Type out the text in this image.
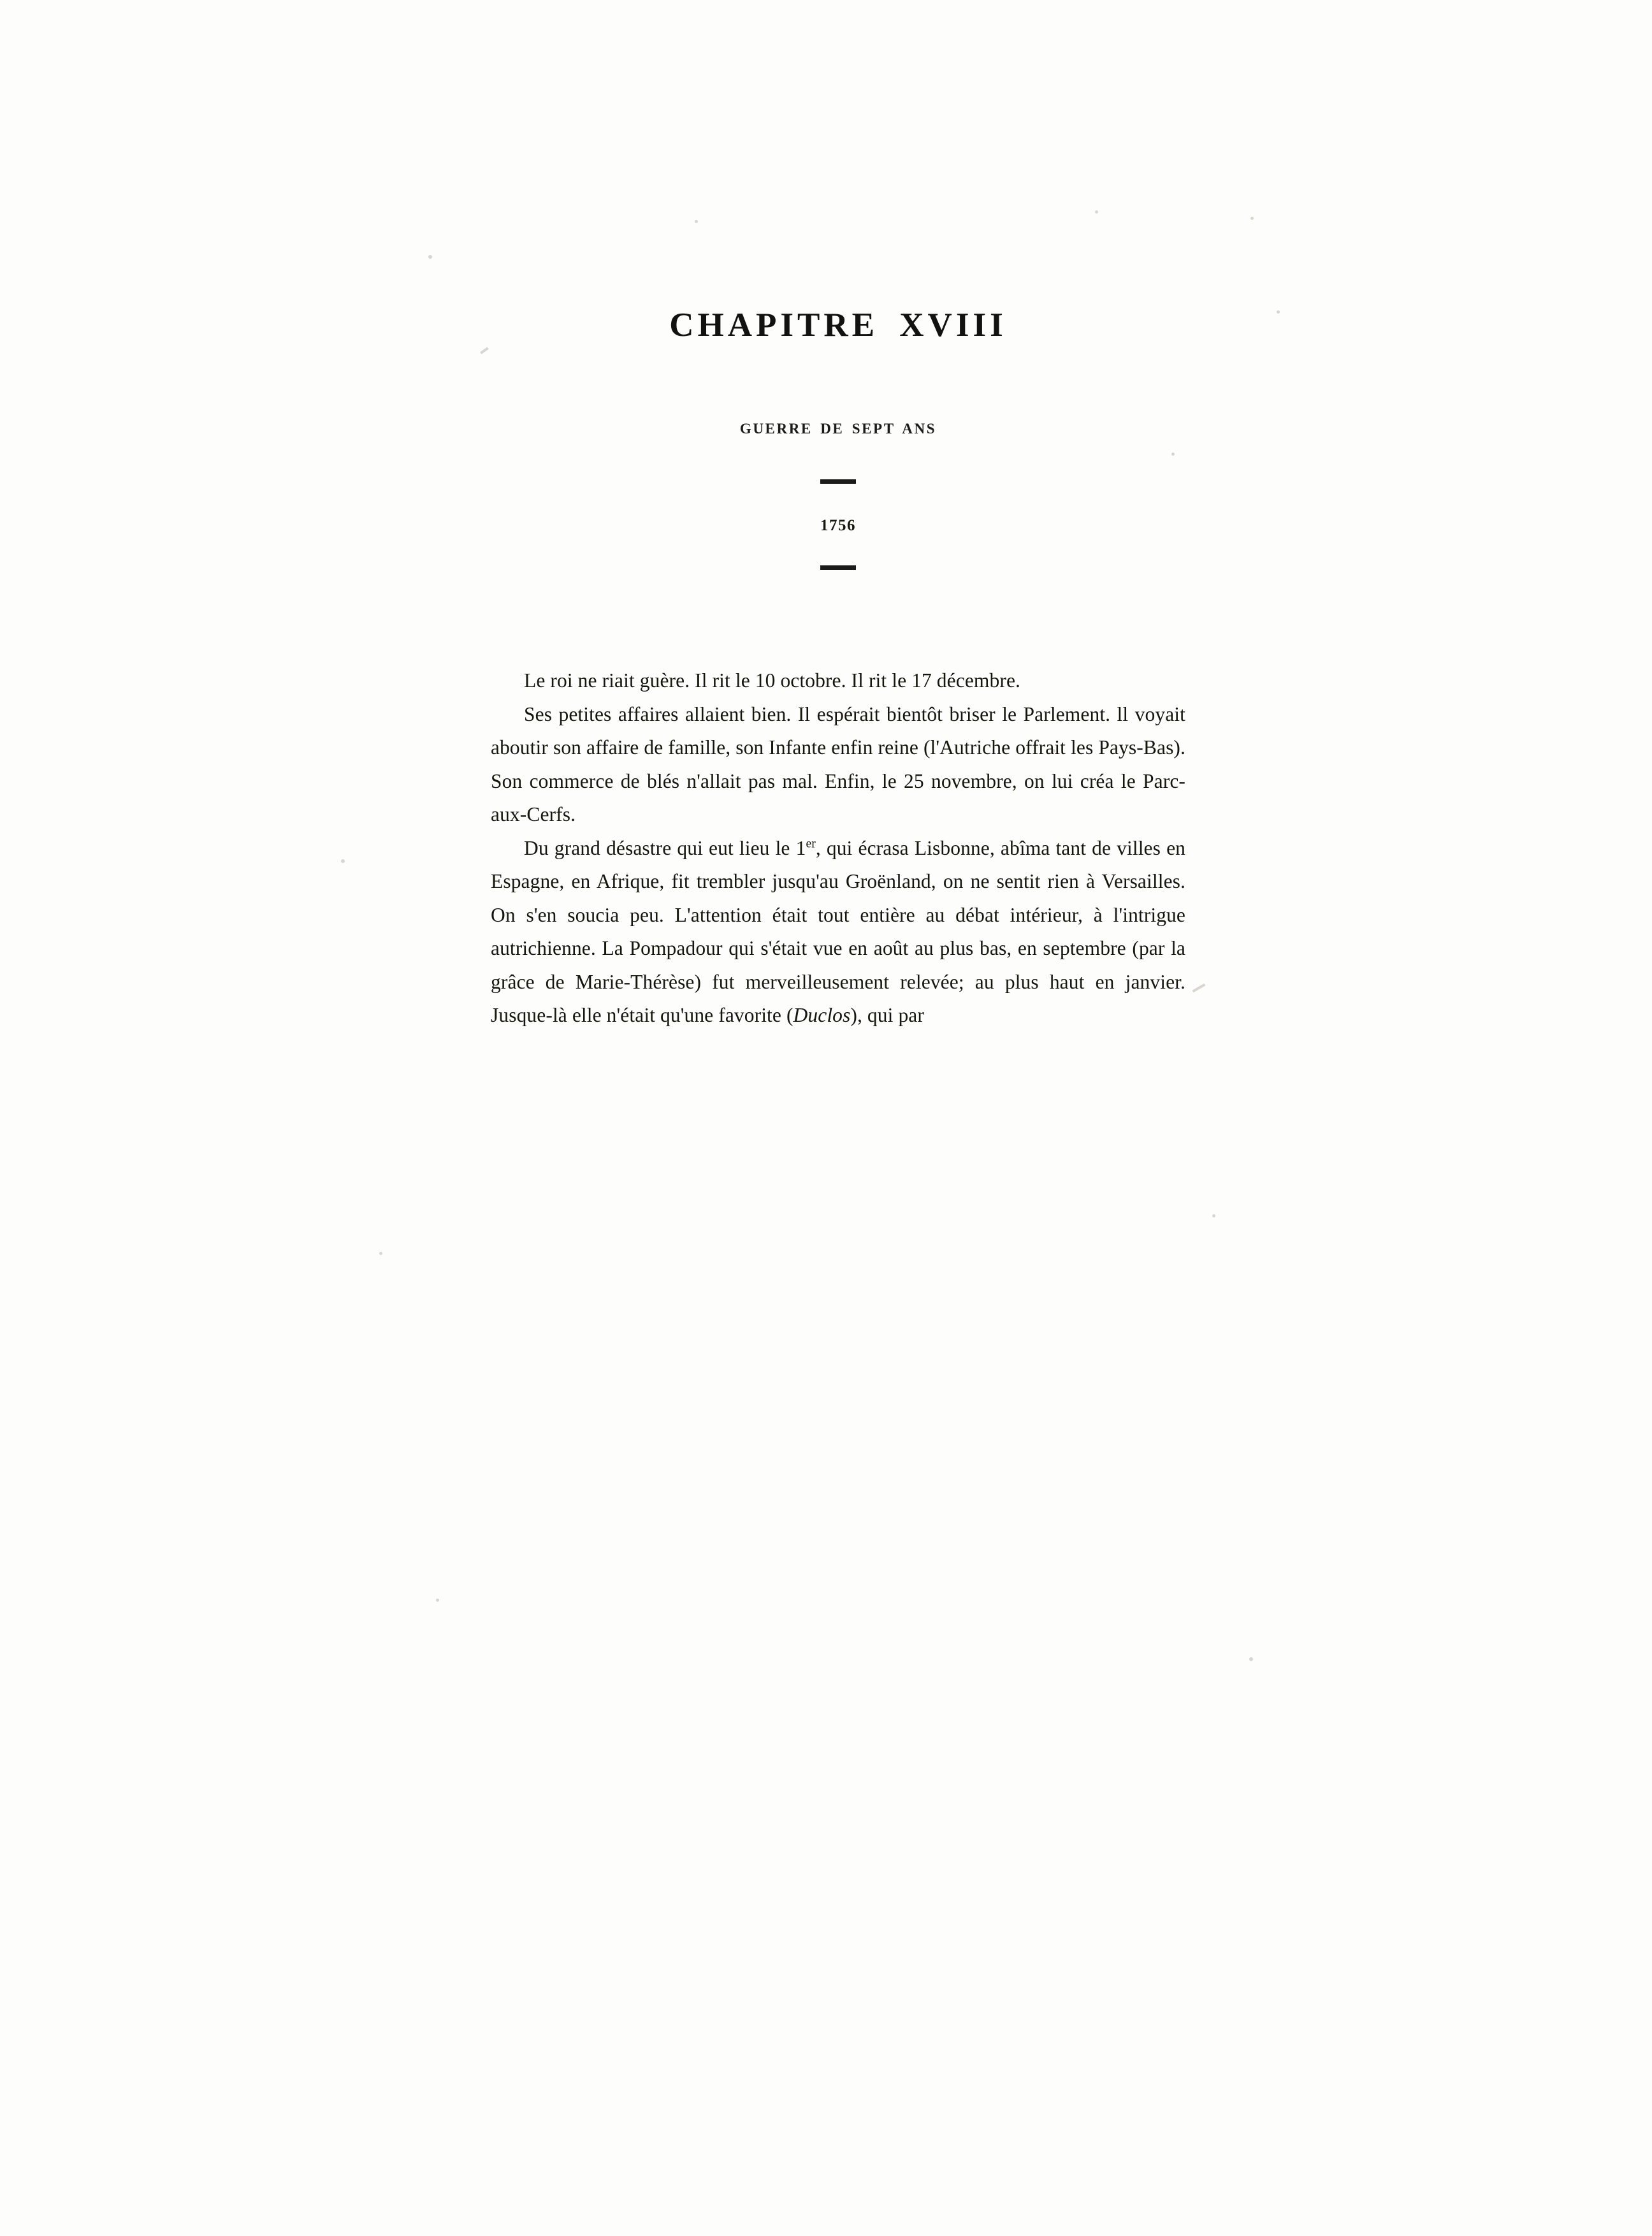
CHAPITRE XVIII
GUERRE DE SEPT ANS
1756

Le roi ne riait guère. Il rit le 10 octobre. Il rit le 17 décembre.

Ses petites affaires allaient bien. Il espérait bientôt briser le Parlement. ll voyait aboutir son affaire de famille, son Infante enfin reine (l'Autriche offrait les Pays-Bas). Son commerce de blés n'allait pas mal. Enfin, le 25 novembre, on lui créa le Parc-aux-Cerfs.

Du grand désastre qui eut lieu le 1er, qui écrasa Lisbonne, abîma tant de villes en Espagne, en Afrique, fit trembler jusqu'au Groënland, on ne sentit rien à Versailles. On s'en soucia peu. L'attention était tout entière au débat intérieur, à l'intrigue autrichienne. La Pompadour qui s'était vue en août au plus bas, en septembre (par la grâce de Marie-Thérèse) fut merveilleusement relevée; au plus haut en janvier. Jusque-là elle n'était qu'une favorite (Duclos), qui par
